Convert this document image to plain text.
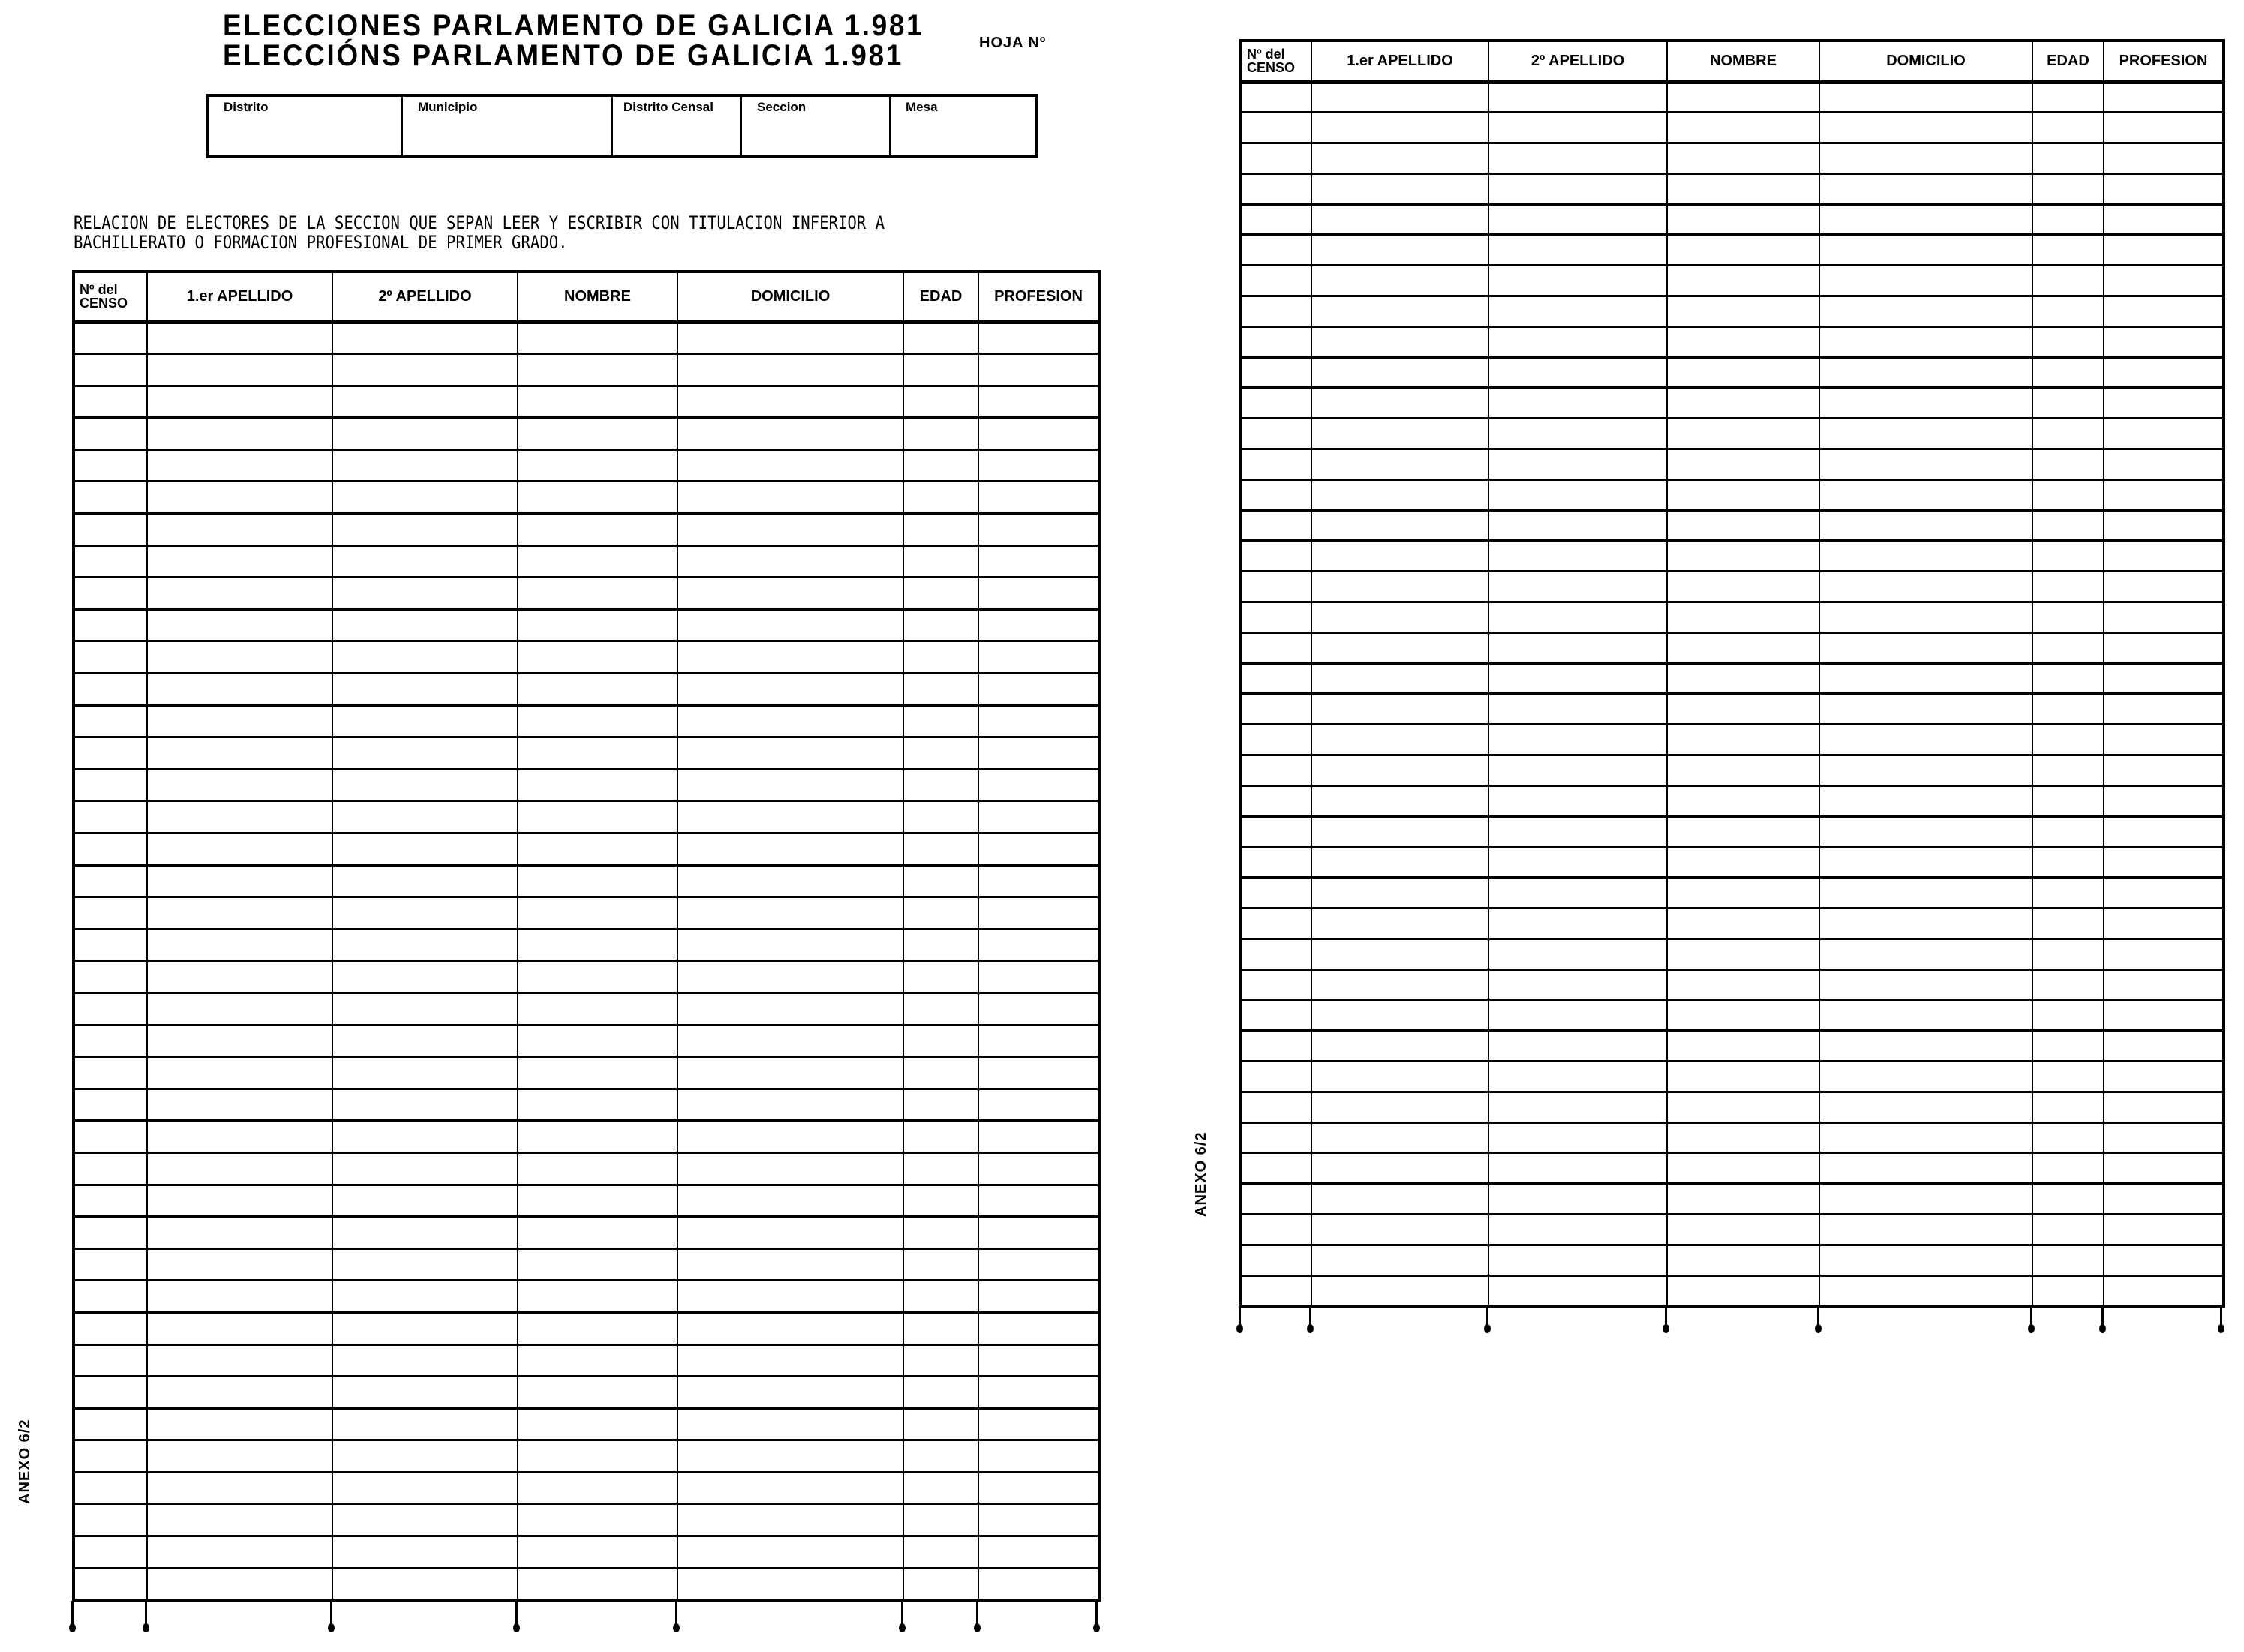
ELECCIONES PARLAMENTO DE GALICIA 1.981
ELECCIÓNS PARLAMENTO DE GALICIA 1.981	HOJA Nº
Distrito	Municipio	Distrito Censal	Seccion	Mesa
RELACION DE ELECTORES DE LA SECCION QUE SEPAN LEER Y ESCRIBIR CON TITULACION INFERIOR A
BACHILLERATO O FORMACION PROFESIONAL DE PRIMER GRADO.
ANEXO 6/2
ANEXO 6/2
Nº del
CENSO	1.er APELLIDO	2º APELLIDO	NOMBRE	DOMICILIO	EDAD	PROFESION

Nº del
CENSO	1.er APELLIDO	2º APELLIDO	NOMBRE	DOMICILIO	EDAD	PROFESION
